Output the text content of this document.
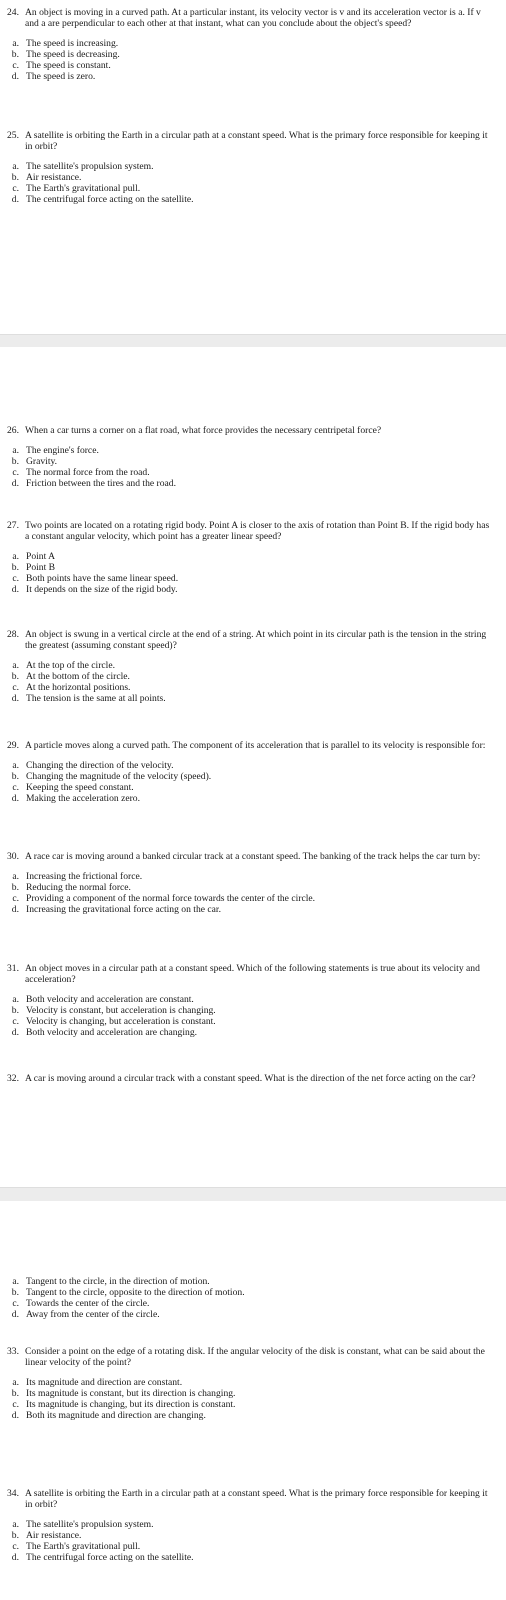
24. An object is moving in a curved path. At a particular instant, its velocity vector is v and its acceleration vector is a. If v and a are perpendicular to each other at that instant, what can you conclude about the object's speed?

a. The speed is increasing.
b. The speed is decreasing.
c. The speed is constant.
d. The speed is zero.

25. A satellite is orbiting the Earth in a circular path at a constant speed. What is the primary force responsible for keeping it in orbit?

a. The satellite's propulsion system.
b. Air resistance.
c. The Earth's gravitational pull.
d. The centrifugal force acting on the satellite.

26. When a car turns a corner on a flat road, what force provides the necessary centripetal force?

a. The engine's force.
b. Gravity.
c. The normal force from the road.
d. Friction between the tires and the road.

27. Two points are located on a rotating rigid body. Point A is closer to the axis of rotation than Point B. If the rigid body has a constant angular velocity, which point has a greater linear speed?

a. Point A
b. Point B
c. Both points have the same linear speed.
d. It depends on the size of the rigid body.

28. An object is swung in a vertical circle at the end of a string. At which point in its circular path is the tension in the string the greatest (assuming constant speed)?

a. At the top of the circle.
b. At the bottom of the circle.
c. At the horizontal positions.
d. The tension is the same at all points.

29. A particle moves along a curved path. The component of its acceleration that is parallel to its velocity is responsible for:

a. Changing the direction of the velocity.
b. Changing the magnitude of the velocity (speed).
c. Keeping the speed constant.
d. Making the acceleration zero.

30. A race car is moving around a banked circular track at a constant speed. The banking of the track helps the car turn by:

a. Increasing the frictional force.
b. Reducing the normal force.
c. Providing a component of the normal force towards the center of the circle.
d. Increasing the gravitational force acting on the car.

31. An object moves in a circular path at a constant speed. Which of the following statements is true about its velocity and acceleration?

a. Both velocity and acceleration are constant.
b. Velocity is constant, but acceleration is changing.
c. Velocity is changing, but acceleration is constant.
d. Both velocity and acceleration are changing.

32. A car is moving around a circular track with a constant speed. What is the direction of the net force acting on the car?

a. Tangent to the circle, in the direction of motion.
b. Tangent to the circle, opposite to the direction of motion.
c. Towards the center of the circle.
d. Away from the center of the circle.

33. Consider a point on the edge of a rotating disk. If the angular velocity of the disk is constant, what can be said about the linear velocity of the point?

a. Its magnitude and direction are constant.
b. Its magnitude is constant, but its direction is changing.
c. Its magnitude is changing, but its direction is constant.
d. Both its magnitude and direction are changing.

34. A satellite is orbiting the Earth in a circular path at a constant speed. What is the primary force responsible for keeping it in orbit?

a. The satellite's propulsion system.
b. Air resistance.
c. The Earth's gravitational pull.
d. The centrifugal force acting on the satellite.
